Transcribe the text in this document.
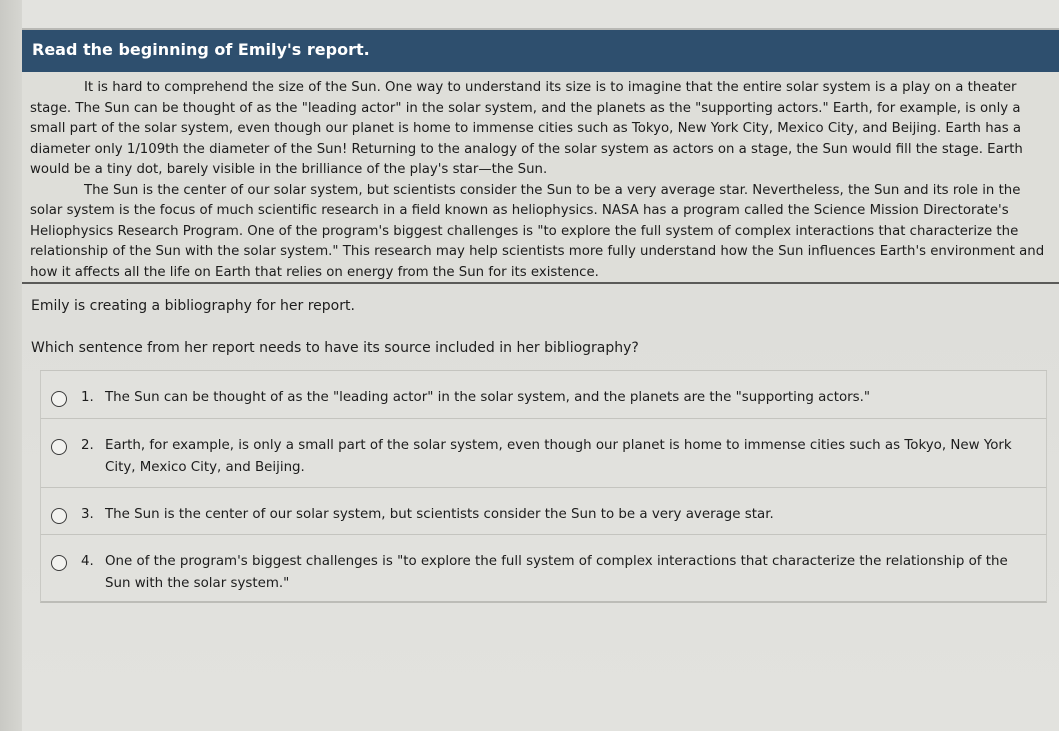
Read the beginning of Emily's report.

It is hard to comprehend the size of the Sun. One way to understand its size is to imagine that the entire solar system is a play on a theater stage. The Sun can be thought of as the "leading actor" in the solar system, and the planets as the "supporting actors." Earth, for example, is only a small part of the solar system, even though our planet is home to immense cities such as Tokyo, New York City, Mexico City, and Beijing. Earth has a diameter only 1/109th the diameter of the Sun! Returning to the analogy of the solar system as actors on a stage, the Sun would fill the stage. Earth would be a tiny dot, barely visible in the brilliance of the play's star—the Sun.

The Sun is the center of our solar system, but scientists consider the Sun to be a very average star. Nevertheless, the Sun and its role in the solar system is the focus of much scientific research in a field known as heliophysics. NASA has a program called the Science Mission Directorate's Heliophysics Research Program. One of the program's biggest challenges is "to explore the full system of complex interactions that characterize the relationship of the Sun with the solar system." This research may help scientists more fully understand how the Sun influences Earth's environment and how it affects all the life on Earth that relies on energy from the Sun for its existence.

Emily is creating a bibliography for her report.
Which sentence from her report needs to have its source included in her bibliography?
1. The Sun can be thought of as the "leading actor" in the solar system, and the planets are the "supporting actors."
2. Earth, for example, is only a small part of the solar system, even though our planet is home to immense cities such as Tokyo, New York City, Mexico City, and Beijing.
3. The Sun is the center of our solar system, but scientists consider the Sun to be a very average star.
4. One of the program's biggest challenges is "to explore the full system of complex interactions that characterize the relationship of the Sun with the solar system."
